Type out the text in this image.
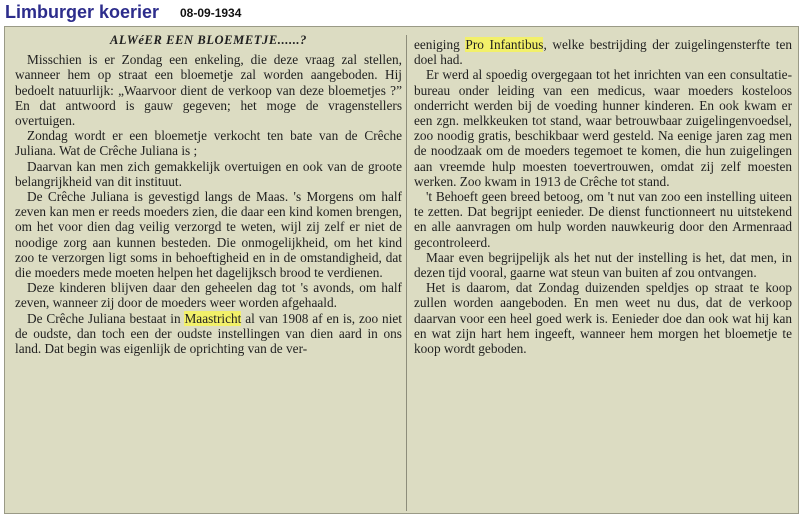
Limburger koerier 08-09-1934
ALWéER EEN BLOEMETJE......?

Misschien is er Zondag een enkeling, die deze vraag zal stellen, wanneer hem op straat een bloemetje zal worden aangeboden. Hij bedoelt natuurlijk: „Waarvoor dient de verkoop van deze bloemetjes ?” En dat antwoord is gauw gegeven; het moge de vragenstellers overtuigen.

Zondag wordt er een bloemetje verkocht ten bate van de Crêche Juliana. Wat de Crêche Juliana is ;

Daarvan kan men zich gemakkelijk overtuigen en ook van de groote belangrijkheid van dit instituut.

De Crêche Juliana is gevestigd langs de Maas. 's Morgens om half zeven kan men er reeds moeders zien, die daar een kind komen brengen, om het voor dien dag veilig verzorgd te weten, wijl zij zelf er niet de noodige zorg aan kunnen besteden. Die onmogelijkheid, om het kind zoo te verzorgen ligt soms in behoeftigheid en in de omstandigheid, dat die moeders mede moeten helpen het dagelijksch brood te verdienen.

Deze kinderen blijven daar den geheelen dag tot 's avonds, om half zeven, wanneer zij door de moeders weer worden afgehaald.

De Crêche Juliana bestaat in Maastricht al van 1908 af en is, zoo niet de oudste, dan toch een der oudste instellingen van dien aard in ons land. Dat begin was eigenlijk de oprichting van de ver-

eeniging Pro Infantibus, welke bestrijding der zuigelingensterfte ten doel had.

Er werd al spoedig overgegaan tot het inrichten van een consultatie-bureau onder leiding van een medicus, waar moeders kosteloos onderricht werden bij de voeding hunner kinderen. En ook kwam er een zgn. melkkeuken tot stand, waar betrouwbaar zuigelingenvoedsel, zoo noodig gratis, beschikbaar werd gesteld. Na eenige jaren zag men de noodzaak om de moeders tegemoet te komen, die hun zuigelingen aan vreemde hulp moesten toevertrouwen, omdat zij zelf moesten werken. Zoo kwam in 1913 de Crêche tot stand.

't Behoeft geen breed betoog, om 't nut van zoo een instelling uiteen te zetten. Dat begrijpt eenieder. De dienst functionneert nu uitstekend en alle aanvragen om hulp worden nauwkeurig door den Armenraad gecontroleerd.

Maar even begrijpelijk als het nut der instelling is het, dat men, in dezen tijd vooral, gaarne wat steun van buiten af zou ontvangen.

Het is daarom, dat Zondag duizenden speldjes op straat te koop zullen worden aangeboden. En men weet nu dus, dat de verkoop daarvan voor een heel goed werk is. Eenieder doe dan ook wat hij kan en wat zijn hart hem ingeeft, wanneer hem morgen het bloemetje te koop wordt geboden.
